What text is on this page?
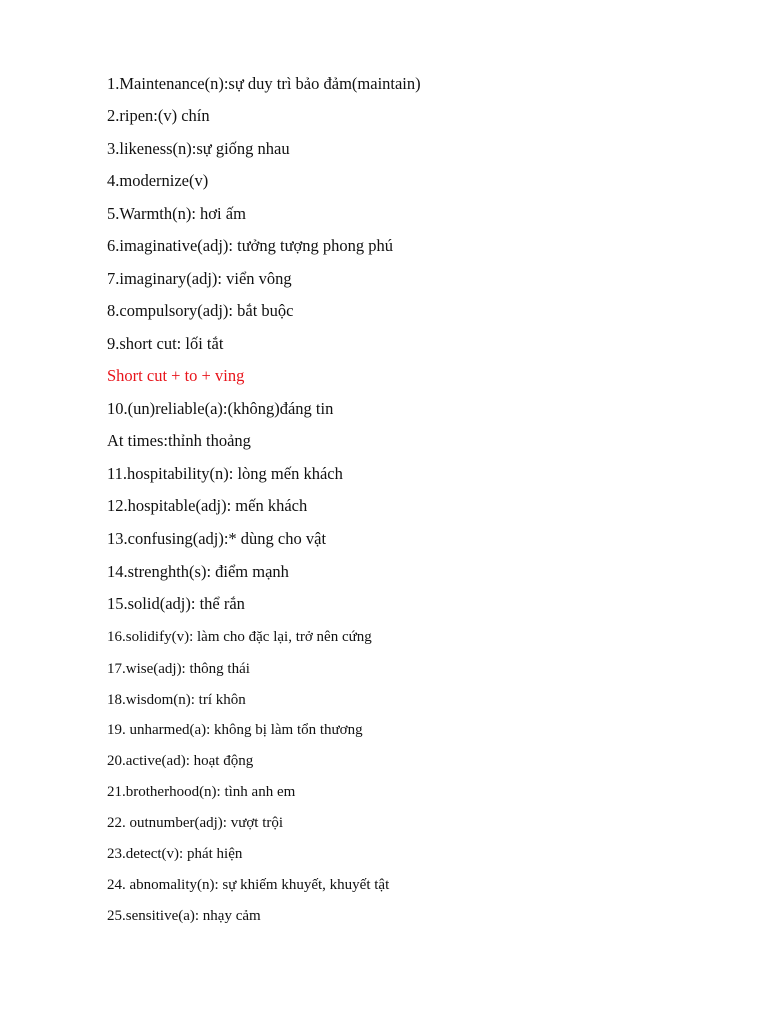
1.Maintenance(n):sự duy trì bảo đảm(maintain)
2.ripen:(v) chín
3.likeness(n):sự giống nhau
4.modernize(v)
5.Warmth(n): hơi ấm
6.imaginative(adj): tưởng tượng phong phú
7.imaginary(adj): viển vông
8.compulsory(adj): bắt buộc
9.short cut: lối tắt
Short cut + to + ving
10.(un)reliable(a):(không)đáng tin
At times:thỉnh thoảng
11.hospitability(n): lòng mến khách
12.hospitable(adj): mến khách
13.confusing(adj):* dùng cho vật
14.strenghth(s): điểm mạnh
15.solid(adj): thể rắn
16.solidify(v): làm cho đặc lại, trở nên cứng
17.wise(adj): thông thái
18.wisdom(n): trí khôn
19. unharmed(a): không bị làm tổn thương
20.active(ad): hoạt động
21.brotherhood(n): tình anh em
22. outnumber(adj): vượt trội
23.detect(v): phát hiện
24. abnomality(n): sự khiếm khuyết, khuyết tật
25.sensitive(a): nhạy cảm
